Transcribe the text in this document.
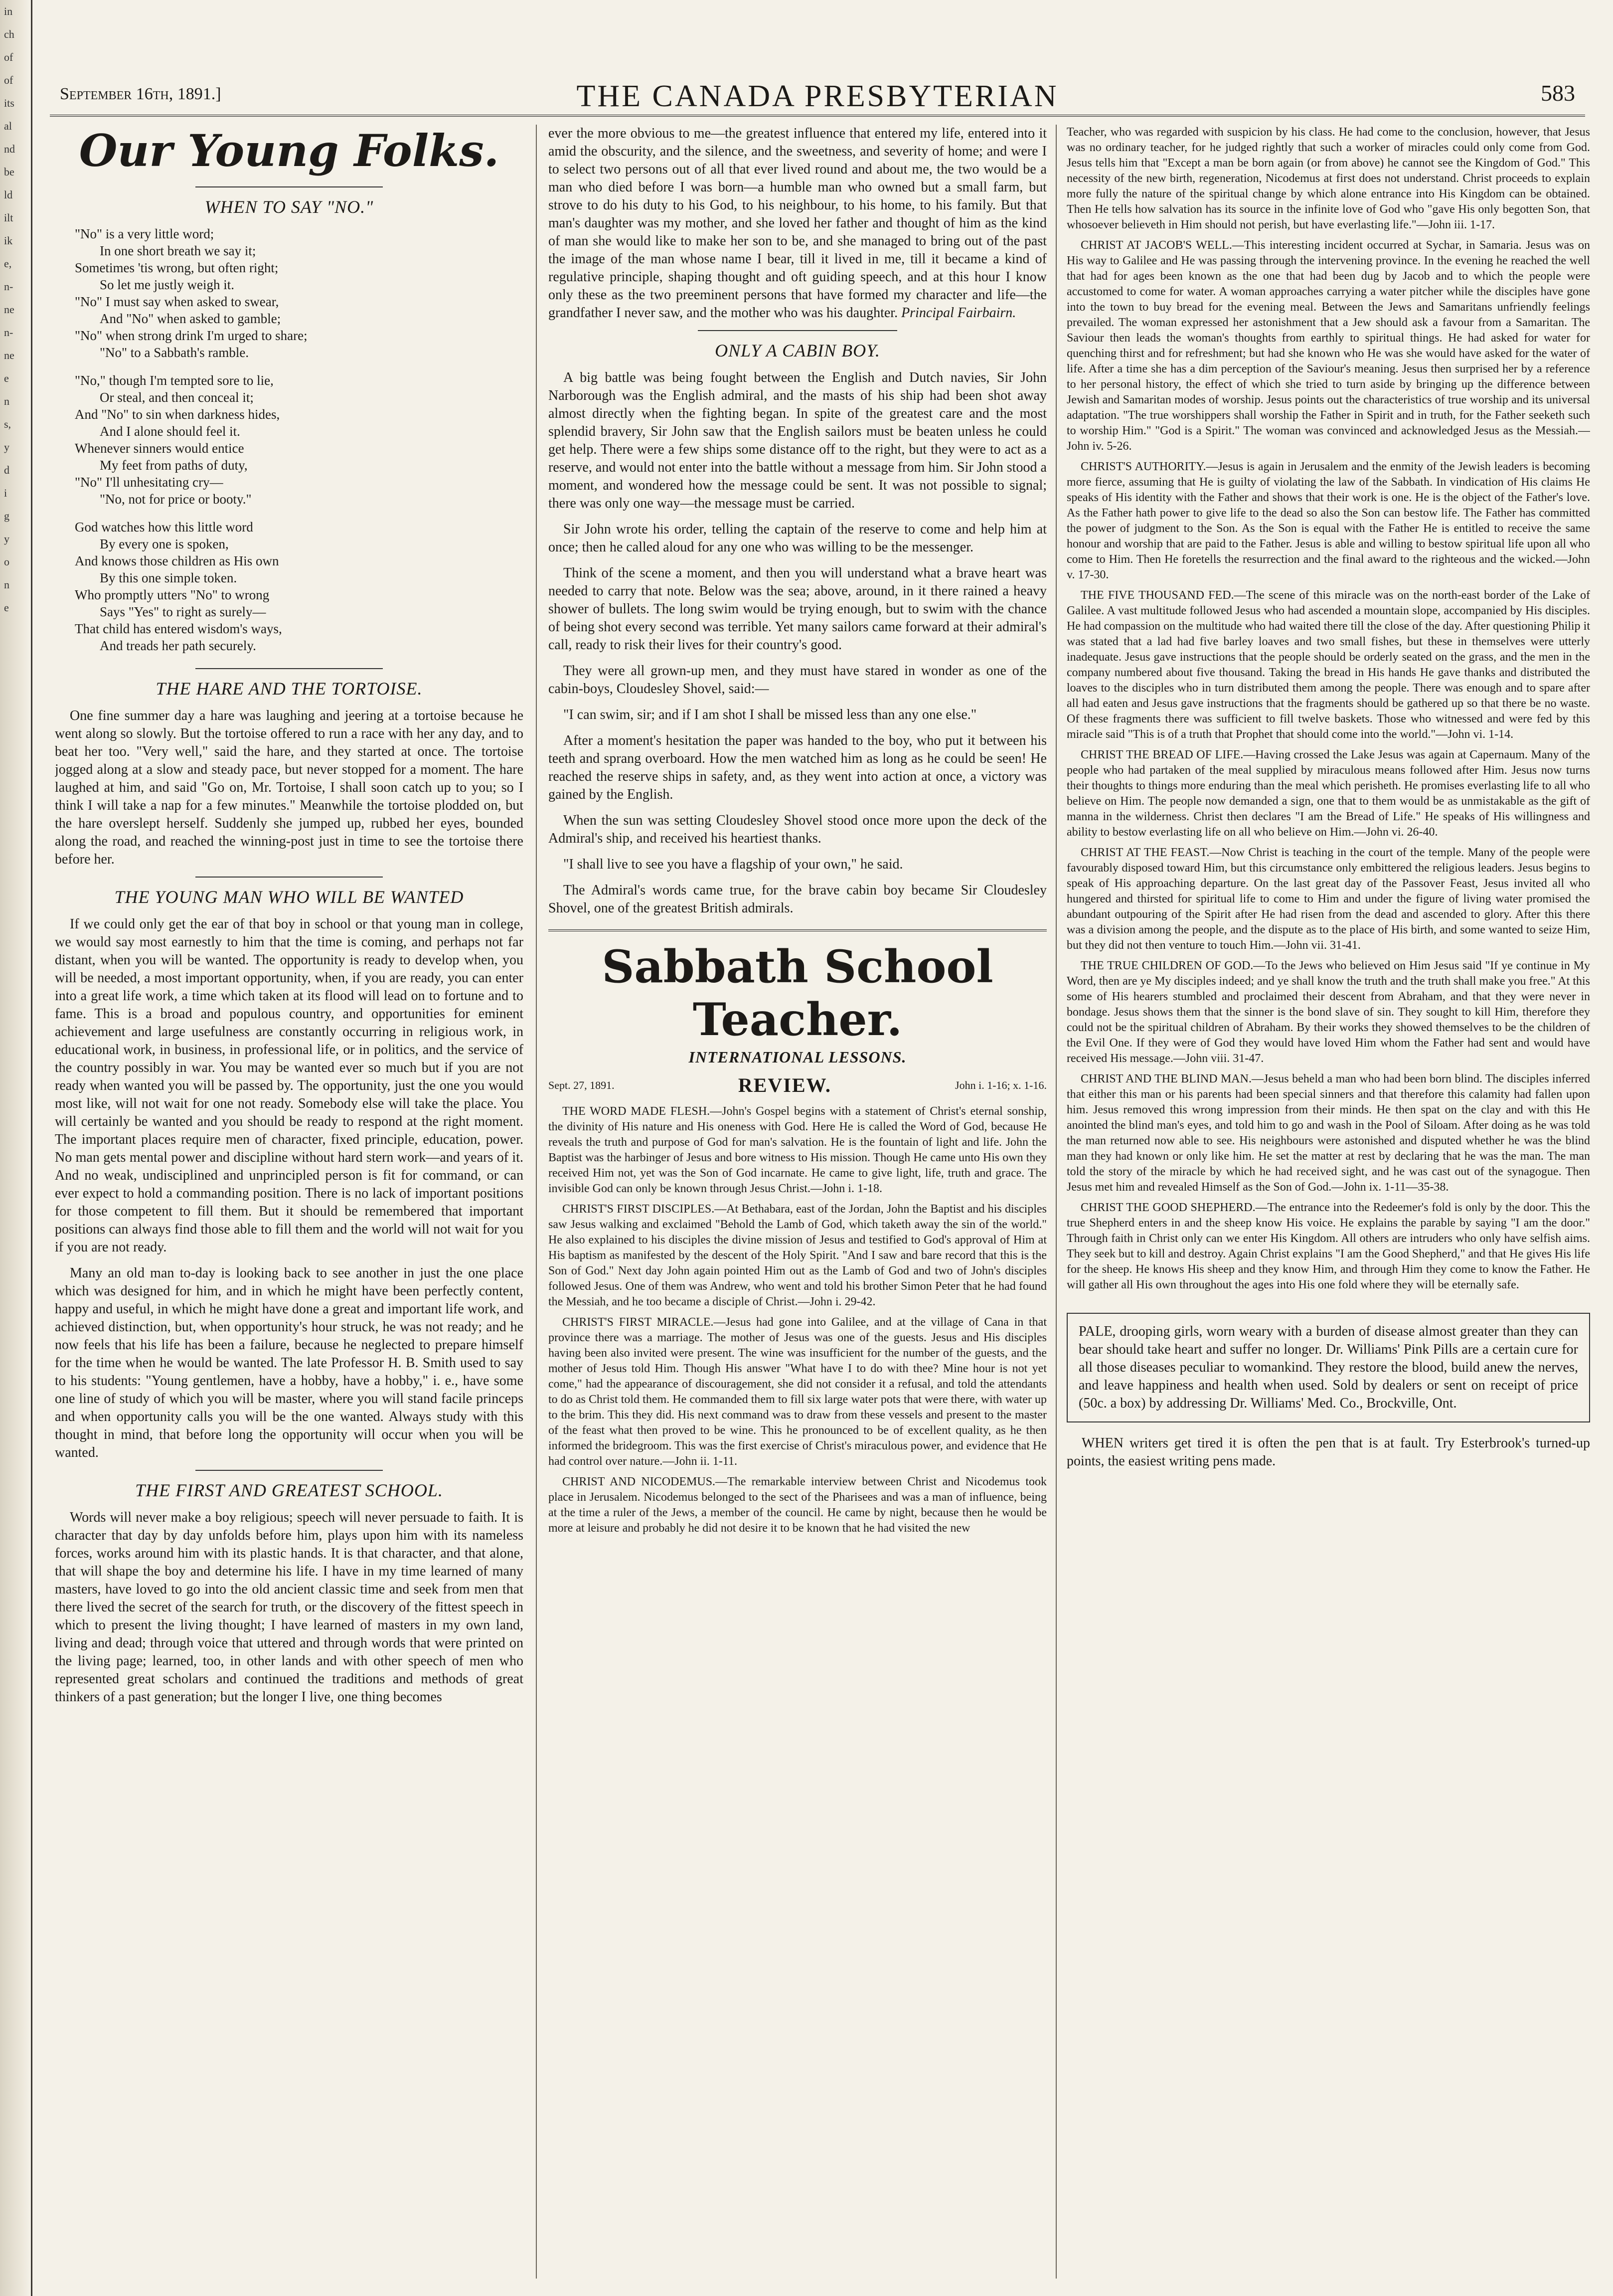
in
ch
of
of
its
al
nd
be
ld
ilt
ik
e,
n-
ne
n-
ne
e
n
s,
y
d
i
g
y
o
n
e
September 16th, 1891.]	THE CANADA PRESBYTERIAN	583
Our Young Folks.
WHEN TO SAY "NO."

"No" is a very little word;

In one short breath we say it;

Sometimes 'tis wrong, but often right;

So let me justly weigh it.

"No" I must say when asked to swear,

And "No" when asked to gamble;

"No" when strong drink I'm urged to share;

"No" to a Sabbath's ramble.

"No," though I'm tempted sore to lie,

Or steal, and then conceal it;

And "No" to sin when darkness hides,

And I alone should feel it.

Whenever sinners would entice

My feet from paths of duty,

"No" I'll unhesitating cry—

"No, not for price or booty."

God watches how this little word

By every one is spoken,

And knows those children as His own

By this one simple token.

Who promptly utters "No" to wrong

Says "Yes" to right as surely—

That child has entered wisdom's ways,

And treads her path securely.

THE HARE AND THE TORTOISE.

One fine summer day a hare was laughing and jeering at a tortoise because he went along so slowly. But the tortoise offered to run a race with her any day, and to beat her too. "Very well," said the hare, and they started at once. The tortoise jogged along at a slow and steady pace, but never stopped for a moment. The hare laughed at him, and said "Go on, Mr. Tortoise, I shall soon catch up to you; so I think I will take a nap for a few minutes." Meanwhile the tortoise plodded on, but the hare overslept herself. Suddenly she jumped up, rubbed her eyes, bounded along the road, and reached the winning-post just in time to see the tortoise there before her.

THE YOUNG MAN WHO WILL BE WANTED

If we could only get the ear of that boy in school or that young man in college, we would say most earnestly to him that the time is coming, and perhaps not far distant, when you will be wanted. The opportunity is ready to develop when, you will be needed, a most important opportunity, when, if you are ready, you can enter into a great life work, a time which taken at its flood will lead on to fortune and to fame. This is a broad and populous country, and opportunities for eminent achievement and large usefulness are constantly occurring in religious work, in educational work, in business, in professional life, or in politics, and the service of the country possibly in war. You may be wanted ever so much but if you are not ready when wanted you will be passed by. The opportunity, just the one you would most like, will not wait for one not ready. Somebody else will take the place. You will certainly be wanted and you should be ready to respond at the right moment. The important places require men of character, fixed principle, education, power. No man gets mental power and discipline without hard stern work—and years of it. And no weak, undisciplined and unprincipled person is fit for command, or can ever expect to hold a commanding position. There is no lack of important positions for those competent to fill them. But it should be remembered that important positions can always find those able to fill them and the world will not wait for you if you are not ready.

Many an old man to-day is looking back to see another in just the one place which was designed for him, and in which he might have been perfectly content, happy and useful, in which he might have done a great and important life work, and achieved distinction, but, when opportunity's hour struck, he was not ready; and he now feels that his life has been a failure, because he neglected to prepare himself for the time when he would be wanted. The late Professor H. B. Smith used to say to his students: "Young gentlemen, have a hobby, have a hobby," i. e., have some one line of study of which you will be master, where you will stand facile princeps and when opportunity calls you will be the one wanted. Always study with this thought in mind, that before long the opportunity will occur when you will be wanted.

THE FIRST AND GREATEST SCHOOL.

Words will never make a boy religious; speech will never persuade to faith. It is character that day by day unfolds before him, plays upon him with its nameless forces, works around him with its plastic hands. It is that character, and that alone, that will shape the boy and determine his life. I have in my time learned of many masters, have loved to go into the old ancient classic time and seek from men that there lived the secret of the search for truth, or the discovery of the fittest speech in which to present the living thought; I have learned of masters in my own land, living and dead; through voice that uttered and through words that were printed on the living page; learned, too, in other lands and with other speech of men who represented great scholars and continued the traditions and methods of great thinkers of a past generation; but the longer I live, one thing becomes

ever the more obvious to me—the greatest influence that entered my life, entered into it amid the obscurity, and the silence, and the sweetness, and severity of home; and were I to select two persons out of all that ever lived round and about me, the two would be a man who died before I was born—a humble man who owned but a small farm, but strove to do his duty to his God, to his neighbour, to his home, to his family. But that man's daughter was my mother, and she loved her father and thought of him as the kind of man she would like to make her son to be, and she managed to bring out of the past the image of the man whose name I bear, till it lived in me, till it became a kind of regulative principle, shaping thought and oft guiding speech, and at this hour I know only these as the two preeminent persons that have formed my character and life—the grandfather I never saw, and the mother who was his daughter. Principal Fairbairn.

ONLY A CABIN BOY.

A big battle was being fought between the English and Dutch navies, Sir John Narborough was the English admiral, and the masts of his ship had been shot away almost directly when the fighting began. In spite of the greatest care and the most splendid bravery, Sir John saw that the English sailors must be beaten unless he could get help. There were a few ships some distance off to the right, but they were to act as a reserve, and would not enter into the battle without a message from him. Sir John stood a moment, and wondered how the message could be sent. It was not possible to signal; there was only one way—the message must be carried.

Sir John wrote his order, telling the captain of the reserve to come and help him at once; then he called aloud for any one who was willing to be the messenger.

Think of the scene a moment, and then you will understand what a brave heart was needed to carry that note. Below was the sea; above, around, in it there rained a heavy shower of bullets. The long swim would be trying enough, but to swim with the chance of being shot every second was terrible. Yet many sailors came forward at their admiral's call, ready to risk their lives for their country's good.

They were all grown-up men, and they must have stared in wonder as one of the cabin-boys, Cloudesley Shovel, said:—

"I can swim, sir; and if I am shot I shall be missed less than any one else."

After a moment's hesitation the paper was handed to the boy, who put it between his teeth and sprang overboard. How the men watched him as long as he could be seen! He reached the reserve ships in safety, and, as they went into action at once, a victory was gained by the English.

When the sun was setting Cloudesley Shovel stood once more upon the deck of the Admiral's ship, and received his heartiest thanks.

"I shall live to see you have a flagship of your own," he said.

The Admiral's words came true, for the brave cabin boy became Sir Cloudesley Shovel, one of the greatest British admirals.

Sabbath School Teacher.
INTERNATIONAL LESSONS.
Sept. 27, 1891.	REVIEW.	John i. 1-16; x. 1-16.

THE WORD MADE FLESH.—John's Gospel begins with a statement of Christ's eternal sonship, the divinity of His nature and His oneness with God. Here He is called the Word of God, because He reveals the truth and purpose of God for man's salvation. He is the fountain of light and life. John the Baptist was the harbinger of Jesus and bore witness to His mission. Though He came unto His own they received Him not, yet was the Son of God incarnate. He came to give light, life, truth and grace. The invisible God can only be known through Jesus Christ.—John i. 1-18.

CHRIST'S FIRST DISCIPLES.—At Bethabara, east of the Jordan, John the Baptist and his disciples saw Jesus walking and exclaimed "Behold the Lamb of God, which taketh away the sin of the world." He also explained to his disciples the divine mission of Jesus and testified to God's approval of Him at His baptism as manifested by the descent of the Holy Spirit. "And I saw and bare record that this is the Son of God." Next day John again pointed Him out as the Lamb of God and two of John's disciples followed Jesus. One of them was Andrew, who went and told his brother Simon Peter that he had found the Messiah, and he too became a disciple of Christ.—John i. 29-42.

CHRIST'S FIRST MIRACLE.—Jesus had gone into Galilee, and at the village of Cana in that province there was a marriage. The mother of Jesus was one of the guests. Jesus and His disciples having been also invited were present. The wine was insufficient for the number of the guests, and the mother of Jesus told Him. Though His answer "What have I to do with thee? Mine hour is not yet come," had the appearance of discouragement, she did not consider it a refusal, and told the attendants to do as Christ told them. He commanded them to fill six large water pots that were there, with water up to the brim. This they did. His next command was to draw from these vessels and present to the master of the feast what then proved to be wine. This he pronounced to be of excellent quality, as he then informed the bridegroom. This was the first exercise of Christ's miraculous power, and evidence that He had control over nature.—John ii. 1-11.

CHRIST AND NICODEMUS.—The remarkable interview between Christ and Nicodemus took place in Jerusalem. Nicodemus belonged to the sect of the Pharisees and was a man of influence, being at the time a ruler of the Jews, a member of the council. He came by night, because then he would be more at leisure and probably he did not desire it to be known that he had visited the new

Teacher, who was regarded with suspicion by his class. He had come to the conclusion, however, that Jesus was no ordinary teacher, for he judged rightly that such a worker of miracles could only come from God. Jesus tells him that "Except a man be born again (or from above) he cannot see the Kingdom of God." This necessity of the new birth, regeneration, Nicodemus at first does not understand. Christ proceeds to explain more fully the nature of the spiritual change by which alone entrance into His Kingdom can be obtained. Then He tells how salvation has its source in the infinite love of God who "gave His only begotten Son, that whosoever believeth in Him should not perish, but have everlasting life."—John iii. 1-17.

CHRIST AT JACOB'S WELL.—This interesting incident occurred at Sychar, in Samaria. Jesus was on His way to Galilee and He was passing through the intervening province. In the evening he reached the well that had for ages been known as the one that had been dug by Jacob and to which the people were accustomed to come for water. A woman approaches carrying a water pitcher while the disciples have gone into the town to buy bread for the evening meal. Between the Jews and Samaritans unfriendly feelings prevailed. The woman expressed her astonishment that a Jew should ask a favour from a Samaritan. The Saviour then leads the woman's thoughts from earthly to spiritual things. He had asked for water for quenching thirst and for refreshment; but had she known who He was she would have asked for the water of life. After a time she has a dim perception of the Saviour's meaning. Jesus then surprised her by a reference to her personal history, the effect of which she tried to turn aside by bringing up the difference between Jewish and Samaritan modes of worship. Jesus points out the characteristics of true worship and its universal adaptation. "The true worshippers shall worship the Father in Spirit and in truth, for the Father seeketh such to worship Him." "God is a Spirit." The woman was convinced and acknowledged Jesus as the Messiah.—John iv. 5-26.

CHRIST'S AUTHORITY.—Jesus is again in Jerusalem and the enmity of the Jewish leaders is becoming more fierce, assuming that He is guilty of violating the law of the Sabbath. In vindication of His claims He speaks of His identity with the Father and shows that their work is one. He is the object of the Father's love. As the Father hath power to give life to the dead so also the Son can bestow life. The Father has committed the power of judgment to the Son. As the Son is equal with the Father He is entitled to receive the same honour and worship that are paid to the Father. Jesus is able and willing to bestow spiritual life upon all who come to Him. Then He foretells the resurrection and the final award to the righteous and the wicked.—John v. 17-30.

THE FIVE THOUSAND FED.—The scene of this miracle was on the north-east border of the Lake of Galilee. A vast multitude followed Jesus who had ascended a mountain slope, accompanied by His disciples. He had compassion on the multitude who had waited there till the close of the day. After questioning Philip it was stated that a lad had five barley loaves and two small fishes, but these in themselves were utterly inadequate. Jesus gave instructions that the people should be orderly seated on the grass, and the men in the company numbered about five thousand. Taking the bread in His hands He gave thanks and distributed the loaves to the disciples who in turn distributed them among the people. There was enough and to spare after all had eaten and Jesus gave instructions that the fragments should be gathered up so that there be no waste. Of these fragments there was sufficient to fill twelve baskets. Those who witnessed and were fed by this miracle said "This is of a truth that Prophet that should come into the world."—John vi. 1-14.

CHRIST THE BREAD OF LIFE.—Having crossed the Lake Jesus was again at Capernaum. Many of the people who had partaken of the meal supplied by miraculous means followed after Him. Jesus now turns their thoughts to things more enduring than the meal which perisheth. He promises everlasting life to all who believe on Him. The people now demanded a sign, one that to them would be as unmistakable as the gift of manna in the wilderness. Christ then declares "I am the Bread of Life." He speaks of His willingness and ability to bestow everlasting life on all who believe on Him.—John vi. 26-40.

CHRIST AT THE FEAST.—Now Christ is teaching in the court of the temple. Many of the people were favourably disposed toward Him, but this circumstance only embittered the religious leaders. Jesus begins to speak of His approaching departure. On the last great day of the Passover Feast, Jesus invited all who hungered and thirsted for spiritual life to come to Him and under the figure of living water promised the abundant outpouring of the Spirit after He had risen from the dead and ascended to glory. After this there was a division among the people, and the dispute as to the place of His birth, and some wanted to seize Him, but they did not then venture to touch Him.—John vii. 31-41.

THE TRUE CHILDREN OF GOD.—To the Jews who believed on Him Jesus said "If ye continue in My Word, then are ye My disciples indeed; and ye shall know the truth and the truth shall make you free." At this some of His hearers stumbled and proclaimed their descent from Abraham, and that they were never in bondage. Jesus shows them that the sinner is the bond slave of sin. They sought to kill Him, therefore they could not be the spiritual children of Abraham. By their works they showed themselves to be the children of the Evil One. If they were of God they would have loved Him whom the Father had sent and would have received His message.—John viii. 31-47.

CHRIST AND THE BLIND MAN.—Jesus beheld a man who had been born blind. The disciples inferred that either this man or his parents had been special sinners and that therefore this calamity had fallen upon him. Jesus removed this wrong impression from their minds. He then spat on the clay and with this He anointed the blind man's eyes, and told him to go and wash in the Pool of Siloam. After doing as he was told the man returned now able to see. His neighbours were astonished and disputed whether he was the blind man they had known or only like him. He set the matter at rest by declaring that he was the man. The man told the story of the miracle by which he had received sight, and he was cast out of the synagogue. Then Jesus met him and revealed Himself as the Son of God.—John ix. 1-11—35-38.

CHRIST THE GOOD SHEPHERD.—The entrance into the Redeemer's fold is only by the door. This the true Shepherd enters in and the sheep know His voice. He explains the parable by saying "I am the door." Through faith in Christ only can we enter His Kingdom. All others are intruders who only have selfish aims. They seek but to kill and destroy. Again Christ explains "I am the Good Shepherd," and that He gives His life for the sheep. He knows His sheep and they know Him, and through Him they come to know the Father. He will gather all His own throughout the ages into His one fold where they will be eternally safe.

PALE, drooping girls, worn weary with a burden of disease almost greater than they can bear should take heart and suffer no longer. Dr. Williams' Pink Pills are a certain cure for all those diseases peculiar to womankind. They restore the blood, build anew the nerves, and leave happiness and health when used. Sold by dealers or sent on receipt of price (50c. a box) by addressing Dr. Williams' Med. Co., Brockville, Ont.

WHEN writers get tired it is often the pen that is at fault. Try Esterbrook's turned-up points, the easiest writing pens made.
